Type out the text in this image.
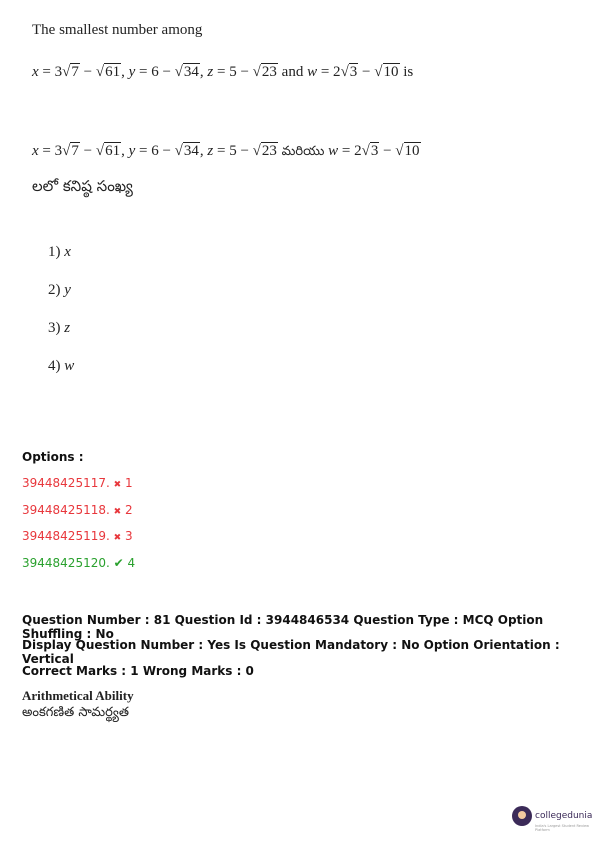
The smallest number among
x = 3√7 − √61, y = 6 − √34, z = 5 − √23 and w = 2√3 − √10 is
x = 3√7 − √61, y = 6 − √34, z = 5 − √23 మరియు w = 2√3 − √10
లలో కనిష్ఠ సంఖ్య
1) x
2) y
3) z
4) w
Options :
39448425117. ✖ 1
39448425118. ✖ 2
39448425119. ✖ 3
39448425120. ✔ 4
Question Number : 81 Question Id : 3944846534 Question Type : MCQ Option Shuffling : No
Display Question Number : Yes Is Question Mandatory : No Option Orientation : Vertical
Correct Marks : 1 Wrong Marks : 0
Arithmetical Ability
అంకగణిత సామర్థ్యత
collegedunia
India's Largest Student Review Platform
